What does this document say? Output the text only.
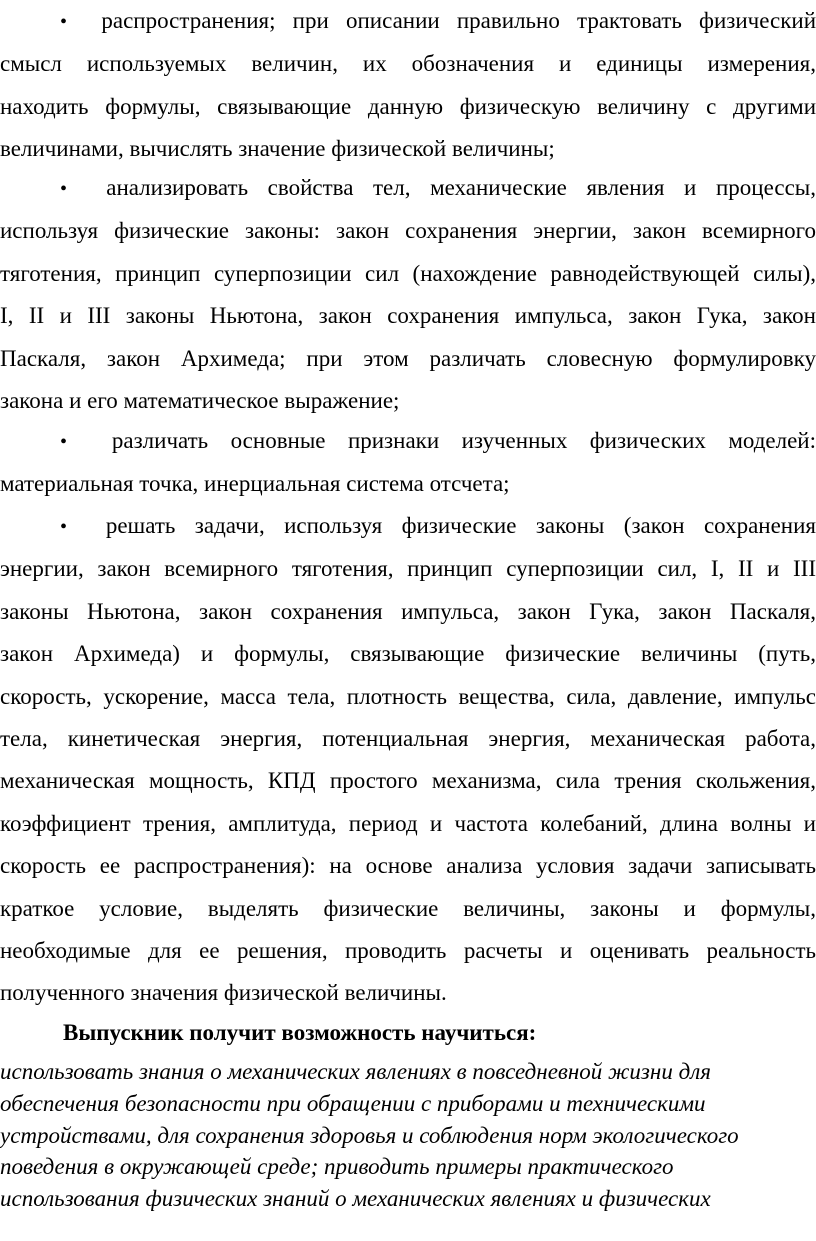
• распространения; при описании правильно трактовать физический
смысл используемых величин, их обозначения и единицы измерения,
находить формулы, связывающие данную физическую величину с другими
величинами, вычислять значение физической величины;
• анализировать свойства тел, механические явления и процессы,
используя физические законы: закон сохранения энергии, закон всемирного
тяготения, принцип суперпозиции сил (нахождение равнодействующей силы),
I, II и III законы Ньютона, закон сохранения импульса, закон Гука, закон
Паскаля, закон Архимеда; при этом различать словесную формулировку
закона и его математическое выражение;
• различать основные признаки изученных физических моделей:
материальная точка, инерциальная система отсчета;
• решать задачи, используя физические законы (закон сохранения
энергии, закон всемирного тяготения, принцип суперпозиции сил, I, II и III
законы Ньютона, закон сохранения импульса, закон Гука, закон Паскаля,
закон Архимеда) и формулы, связывающие физические величины (путь,
скорость, ускорение, масса тела, плотность вещества, сила, давление, импульс
тела, кинетическая энергия, потенциальная энергия, механическая работа,
механическая мощность, КПД простого механизма, сила трения скольжения,
коэффициент трения, амплитуда, период и частота колебаний, длина волны и
скорость ее распространения): на основе анализа условия задачи записывать
краткое условие, выделять физические величины, законы и формулы,
необходимые для ее решения, проводить расчеты и оценивать реальность
полученного значения физической величины.
Выпускник получит возможность научиться:
использовать знания о механических явлениях в повседневной жизни для
обеспечения безопасности при обращении с приборами и техническими
устройствами, для сохранения здоровья и соблюдения норм экологического
поведения в окружающей среде; приводить примеры практического
использования физических знаний о механических явлениях и физических
